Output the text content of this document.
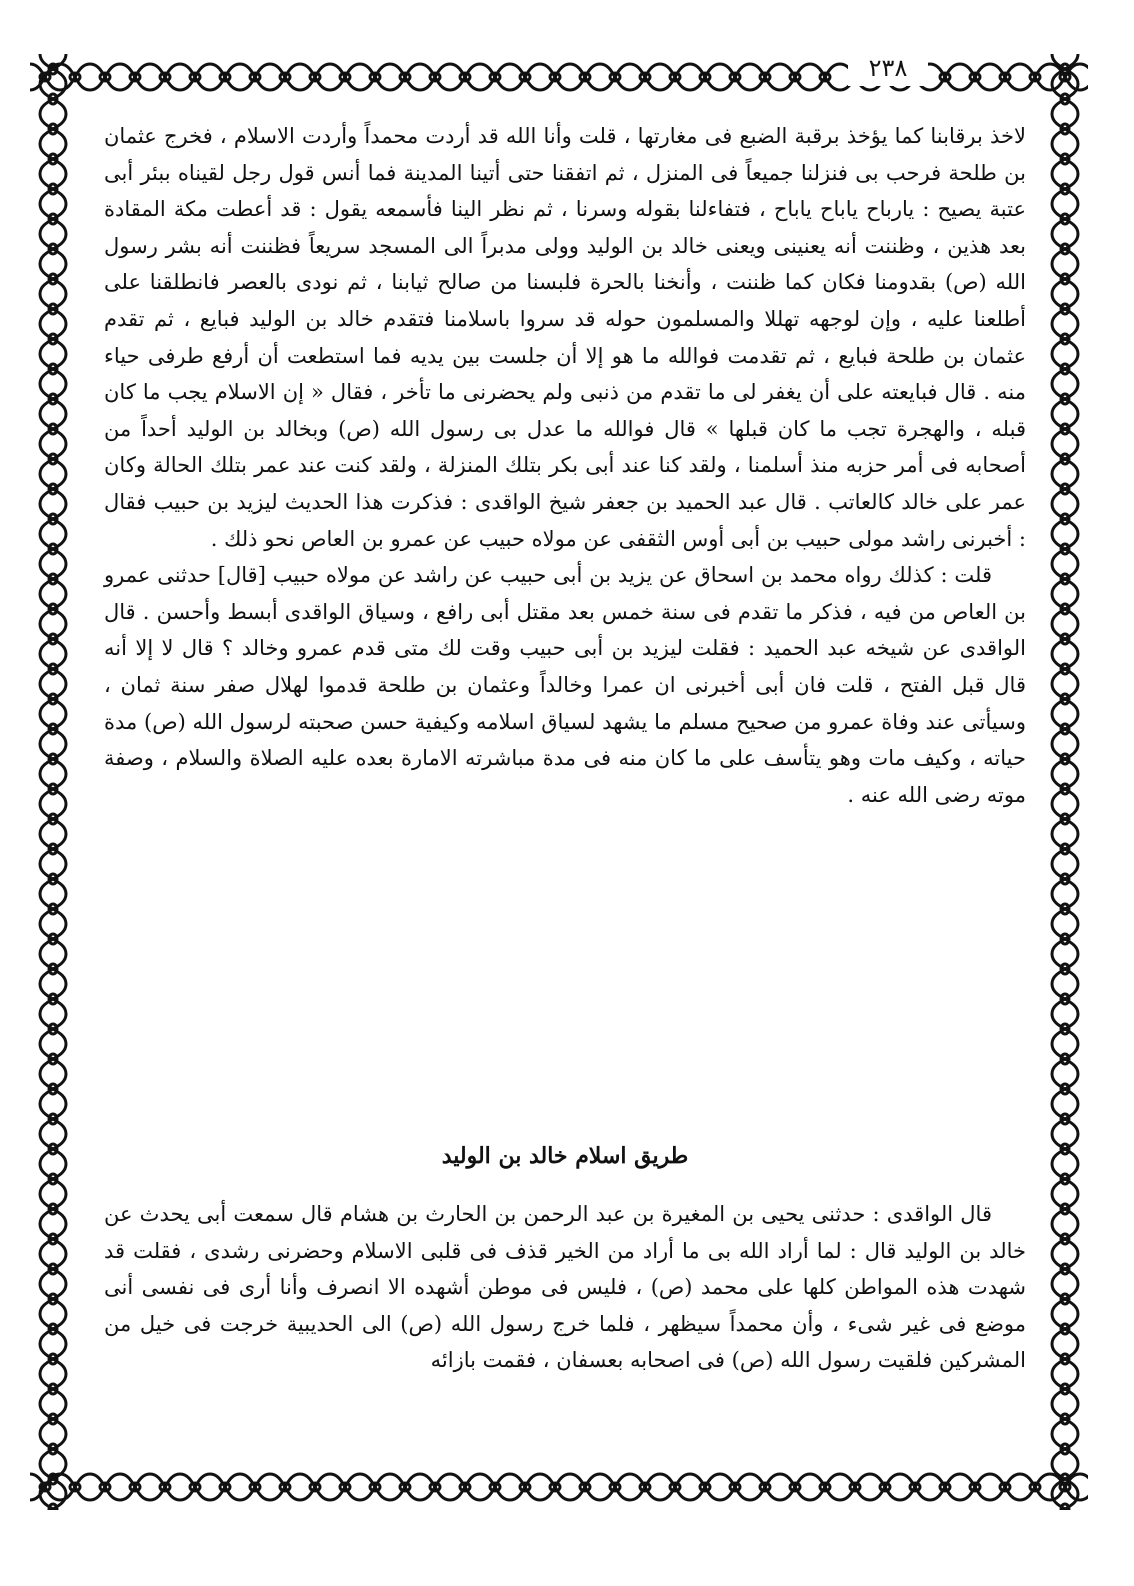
٢٣٨

لاخذ برقابنا كما يؤخذ برقبة الضبع فى مغارتها ، قلت وأنا الله قد أردت محمداً وأردت الاسلام ، فخرج عثمان بن طلحة فرحب بى فنزلنا جميعاً فى المنزل ، ثم اتفقنا حتى أتينا المدينة فما أنس قول رجل لقيناه ببئر أبى عتبة يصيح : يارباح ياباح ياباح ، فتفاءلنا بقوله وسرنا ، ثم نظر الينا فأسمعه يقول : قد أعطت مكة المقادة بعد هذين ، وظننت أنه يعنينى ويعنى خالد بن الوليد وولى مدبراً الى المسجد سريعاً فظننت أنه بشر رسول الله (ص) بقدومنا فكان كما ظننت ، وأنخنا بالحرة فلبسنا من صالح ثيابنا ، ثم نودى بالعصر فانطلقنا على أطلعنا عليه ، وإن لوجهه تهللا والمسلمون حوله قد سروا باسلامنا فتقدم خالد بن الوليد فبايع ، ثم تقدم عثمان بن طلحة فبايع ، ثم تقدمت فوالله ما هو إلا أن جلست بين يديه فما استطعت أن أرفع طرفى حياء منه . قال فبايعته على أن يغفر لى ما تقدم من ذنبى ولم يحضرنى ما تأخر ، فقال « إن الاسلام يجب ما كان قبله ، والهجرة تجب ما كان قبلها » قال فوالله ما عدل بى رسول الله (ص) وبخالد بن الوليد أحداً من أصحابه فى أمر حزبه منذ أسلمنا ، ولقد كنا عند أبى بكر بتلك المنزلة ، ولقد كنت عند عمر بتلك الحالة وكان عمر على خالد كالعاتب . قال عبد الحميد بن جعفر شيخ الواقدى : فذكرت هذا الحديث ليزيد بن حبيب فقال : أخبرنى راشد مولى حبيب بن أبى أوس الثقفى عن مولاه حبيب عن عمرو بن العاص نحو ذلك .

قلت : كذلك رواه محمد بن اسحاق عن يزيد بن أبى حبيب عن راشد عن مولاه حبيب [قال] حدثنى عمرو بن العاص من فيه ، فذكر ما تقدم فى سنة خمس بعد مقتل أبى رافع ، وسياق الواقدى أبسط وأحسن . قال الواقدى عن شيخه عبد الحميد : فقلت ليزيد بن أبى حبيب وقت لك متى قدم عمرو وخالد ؟ قال لا إلا أنه قال قبل الفتح ، قلت فان أبى أخبرنى ان عمرا وخالداً وعثمان بن طلحة قدموا لهلال صفر سنة ثمان ، وسيأتى عند وفاة عمرو من صحيح مسلم ما يشهد لسياق اسلامه وكيفية حسن صحبته لرسول الله (ص) مدة حياته ، وكيف مات وهو يتأسف على ما كان منه فى مدة مباشرته الامارة بعده عليه الصلاة والسلام ، وصفة موته رضى الله عنه .

طريق اسلام خالد بن الوليد

قال الواقدى : حدثنى يحيى بن المغيرة بن عبد الرحمن بن الحارث بن هشام قال سمعت أبى يحدث عن خالد بن الوليد قال : لما أراد الله بى ما أراد من الخير قذف فى قلبى الاسلام وحضرنى رشدى ، فقلت قد شهدت هذه المواطن كلها على محمد (ص) ، فليس فى موطن أشهده الا انصرف وأنا أرى فى نفسى أنى موضع فى غير شىء ، وأن محمداً سيظهر ، فلما خرج رسول الله (ص) الى الحديبية خرجت فى خيل من المشركين فلقيت رسول الله (ص) فى اصحابه بعسفان ، فقمت بازائه
